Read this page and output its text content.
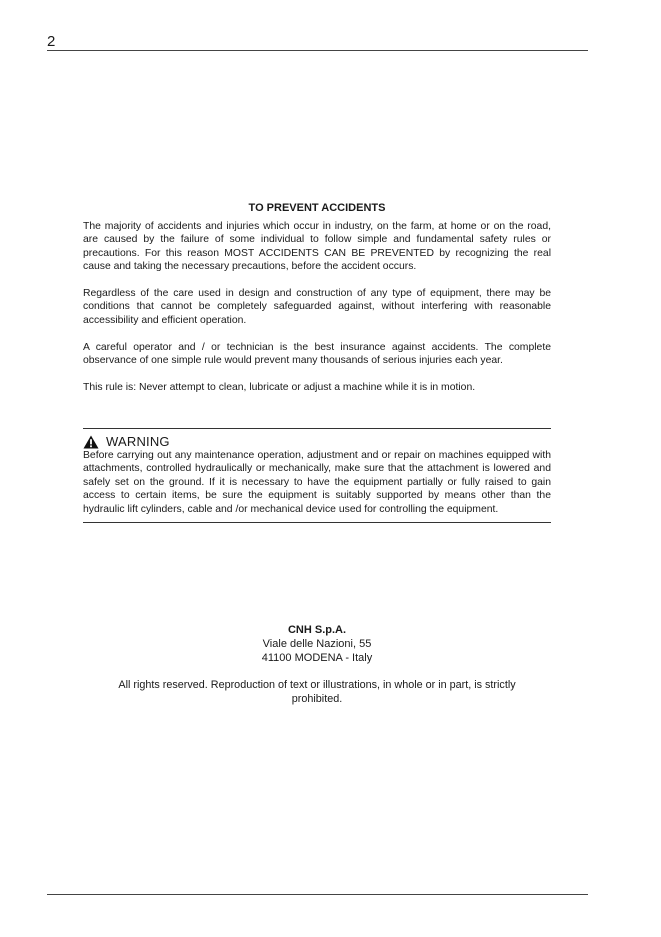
2
TO PREVENT ACCIDENTS
The majority of accidents and injuries which occur in industry, on the farm, at home or on the road, are caused by the failure of some individual to follow simple and fundamental safety rules or precautions. For this reason MOST ACCIDENTS CAN BE PREVENTED by recognizing the real cause and taking the necessary precautions, before the accident occurs.
Regardless of the care used in design and construction of any type of equipment, there may be conditions that cannot be completely safeguarded against, without interfering with reasonable accessibility and efficient operation.
A careful operator and / or technician is the best insurance against accidents. The complete observance of one simple rule would prevent many thousands of serious injuries each year.
This rule is: Never attempt to clean, lubricate or adjust a machine while it is in motion.
WARNING
Before carrying out any maintenance operation, adjustment and or repair on machines equipped with attachments, controlled hydraulically or mechanically, make sure that the attachment is lowered and safely set on the ground. If it is necessary to have the equipment partially or fully raised to gain access to certain items, be sure the equipment is suitably supported by means other than the hydraulic lift cylinders, cable and /or mechanical device used for controlling the equipment.
CNH S.p.A.
Viale delle Nazioni, 55
41100 MODENA - Italy
All rights reserved. Reproduction of text or illustrations, in whole or in part, is strictly prohibited.
